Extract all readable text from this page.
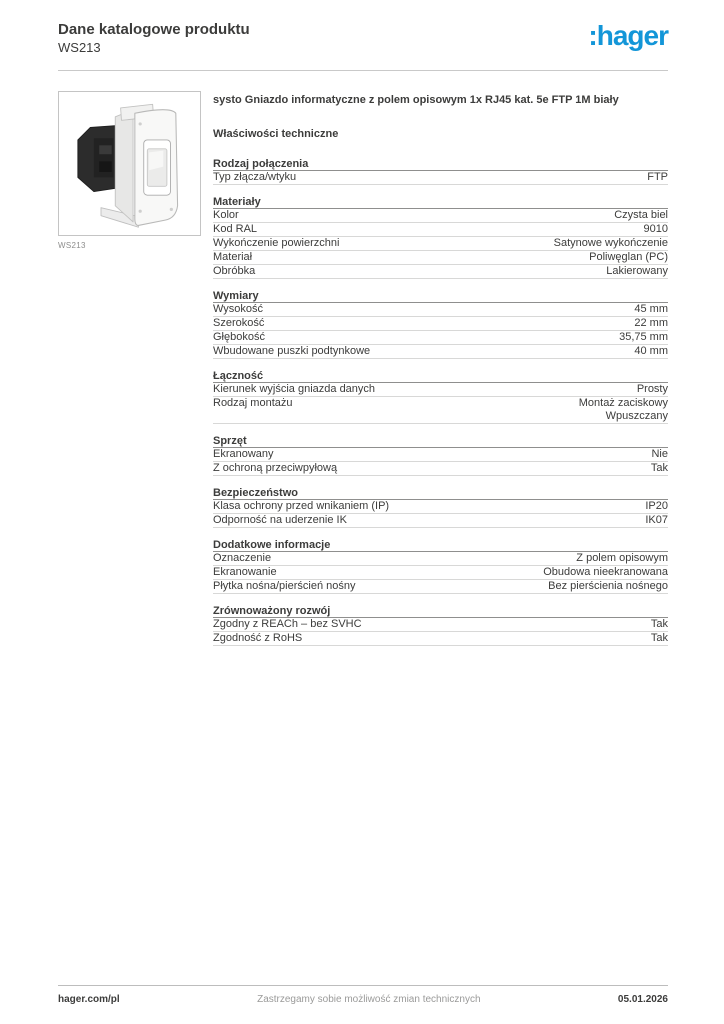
Dane katalogowe produktu
WS213	:hager
WS213
systo Gniazdo informatyczne z polem opisowym 1x RJ45 kat. 5e FTP 1M biały
Właściwości techniczne
Rodzaj połączenia
Typ złącza/wtyku	FTP
Materiały
Kolor	Czysta biel
Kod RAL	9010
Wykończenie powierzchni	Satynowe wykończenie
Materiał	Poliwęglan (PC)
Obróbka	Lakierowany
Wymiary
Wysokość	45 mm
Szerokość	22 mm
Głębokość	35,75 mm
Wbudowane puszki podtynkowe	40 mm
Łączność
Kierunek wyjścia gniazda danych	Prosty
Rodzaj montażu	Montaż zaciskowy
Wpuszczany
Sprzęt
Ekranowany	Nie
Z ochroną przeciwpyłową	Tak
Bezpieczeństwo
Klasa ochrony przed wnikaniem (IP)	IP20
Odporność na uderzenie IK	IK07
Dodatkowe informacje
Oznaczenie	Z polem opisowym
Ekranowanie	Obudowa nieekranowana
Płytka nośna/pierścień nośny	Bez pierścienia nośnego
Zrównoważony rozwój
Zgodny z REACh – bez SVHC	Tak
Zgodność z RoHS	Tak
hager.com/pl	Zastrzegamy sobie możliwość zmian technicznych	05.01.2026
